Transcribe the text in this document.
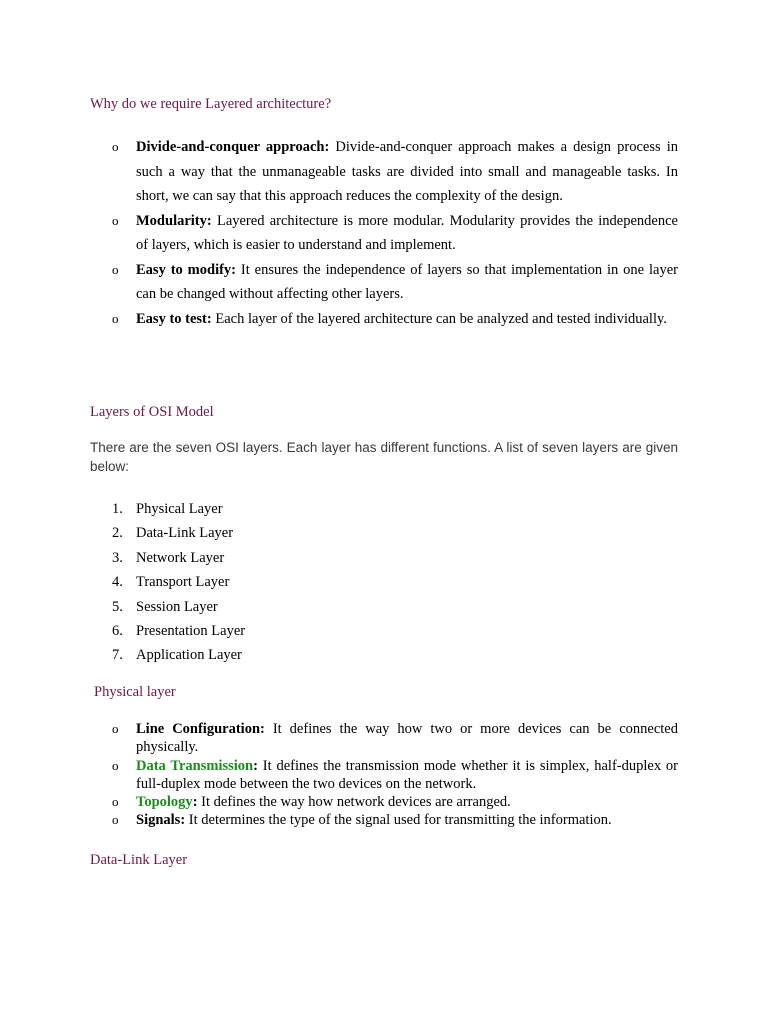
Why do we require Layered architecture?
o Divide-and-conquer approach: Divide-and-conquer approach makes a design process in such a way that the unmanageable tasks are divided into small and manageable tasks. In short, we can say that this approach reduces the complexity of the design.
o Modularity: Layered architecture is more modular. Modularity provides the independence of layers, which is easier to understand and implement.
o Easy to modify: It ensures the independence of layers so that implementation in one layer can be changed without affecting other layers.
o Easy to test: Each layer of the layered architecture can be analyzed and tested individually.
Layers of OSI Model

There are the seven OSI layers. Each layer has different functions. A list of seven layers are given below:

1. Physical Layer
2. Data-Link Layer
3. Network Layer
4. Transport Layer
5. Session Layer
6. Presentation Layer
7. Application Layer
Physical layer
o Line Configuration: It defines the way how two or more devices can be connected physically.
o Data Transmission: It defines the transmission mode whether it is simplex, half-duplex or full-duplex mode between the two devices on the network.
o Topology: It defines the way how network devices are arranged.
o Signals: It determines the type of the signal used for transmitting the information.
Data-Link Layer
